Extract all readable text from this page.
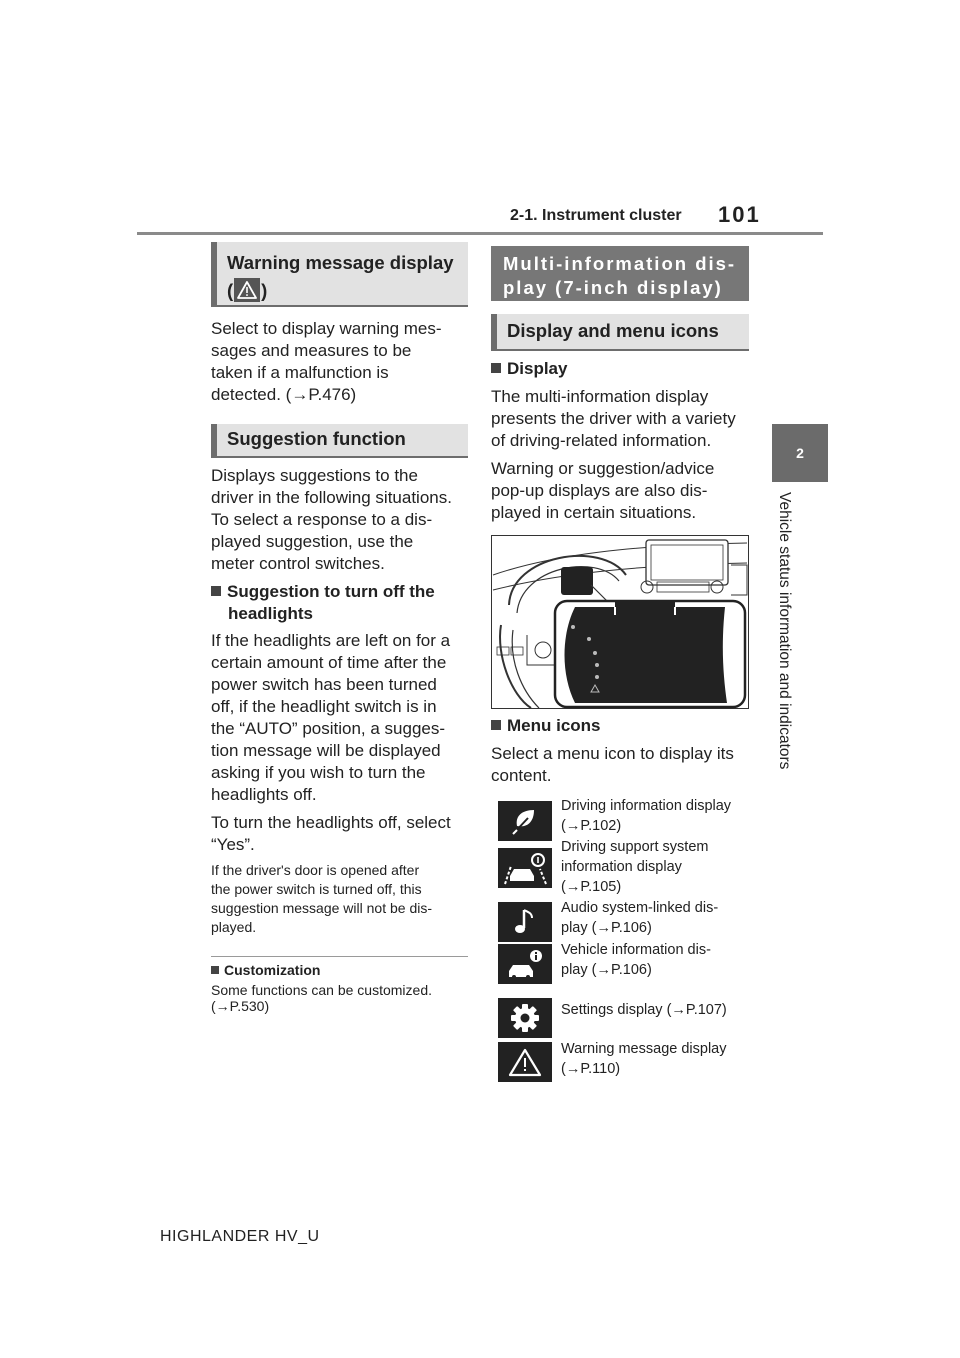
2-1. Instrument cluster 101
2
Vehicle status information and indicators
Warning message display
( )
Select to display warning mes-
sages and measures to be
taken if a malfunction is
detected. (→P.476)
Suggestion function
Displays suggestions to the
driver in the following situations.
To select a response to a dis-
played suggestion, use the
meter control switches.
Suggestion to turn off the
headlights
If the headlights are left on for a
certain amount of time after the
power switch has been turned
off, if the headlight switch is in
the “AUTO” position, a sugges-
tion message will be displayed
asking if you wish to turn the
headlights off.
To turn the headlights off, select
“Yes”.
If the driver's door is opened after
the power switch is turned off, this
suggestion message will not be dis-
played.
Customization
Some functions can be customized.
(→P.530)
Multi-information dis-
play (7-inch display)
Display and menu icons
Display
The multi-information display
presents the driver with a variety
of driving-related information.
Warning or suggestion/advice
pop-up displays are also dis-
played in certain situations.
Menu icons
Select a menu icon to display its
content.
Driving information display
(→P.102)
Driving support system
information display
(→P.105)
Audio system-linked dis-
play (→P.106)
Vehicle information dis-
play (→P.106)
Settings display (→P.107)
Warning message display
(→P.110)
HIGHLANDER HV_U
